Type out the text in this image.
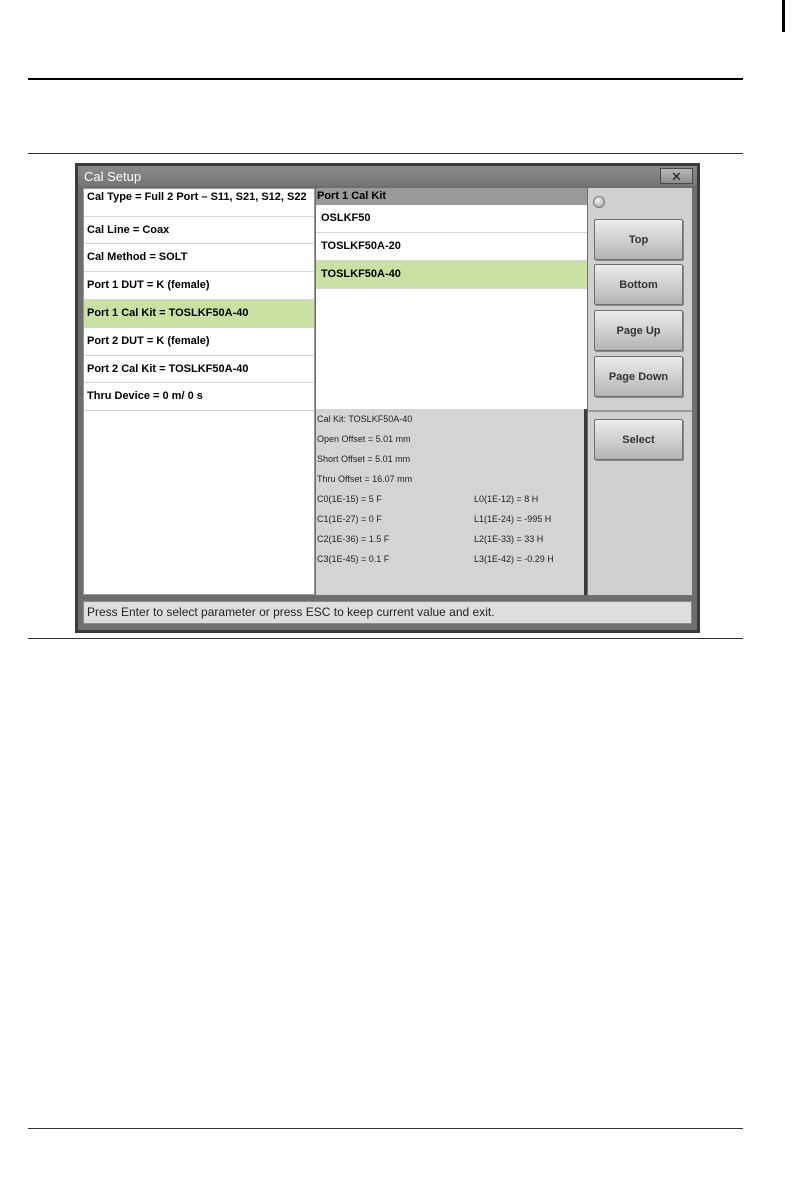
Cal Setup	✕
Cal Type = Full 2 Port – S11, S21, S12, S22
Cal Line = Coax
Cal Method = SOLT
Port 1 DUT = K (female)
Port 1 Cal Kit = TOSLKF50A-40
Port 2 DUT = K (female)
Port 2 Cal Kit = TOSLKF50A-40
Thru Device = 0 m/ 0 s
Port 1 Cal Kit
OSLKF50
TOSLKF50A-20
TOSLKF50A-40
Cal Kit: TOSLKF50A-40
Open Offset = 5.01 mm
Short Offset = 5.01 mm
Thru Offset = 16.07 mm
C0(1E-15) = 5 F
C1(1E-27) = 0 F
C2(1E-36) = 1.5 F
C3(1E-45) = 0.1 F
L0(1E-12) = 8 H
L1(1E-24) = -995 H
L2(1E-33) = 33 H
L3(1E-42) = -0.29 H
Top
Bottom
Page Up
Page Down
Select
Press Enter to select parameter or press ESC to keep current value and exit.
